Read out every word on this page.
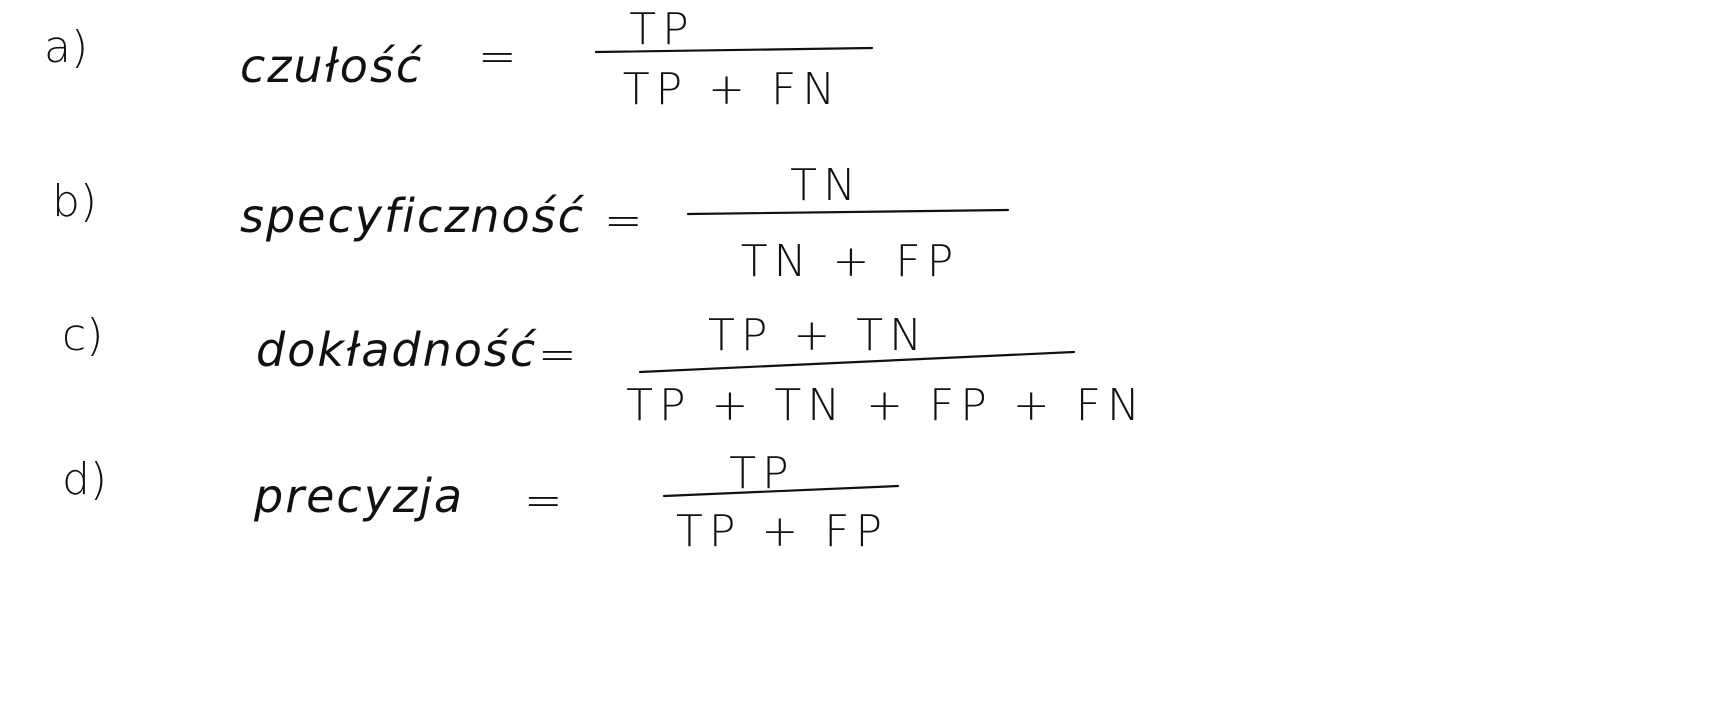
a)	czułość =	TP
TP + FN
b)	specyficzność =
TN
TN + FP
c)	dokładność =	TP + TN
TP + TN + FP + FN
d)	precyzja =	TP
TP + FP
